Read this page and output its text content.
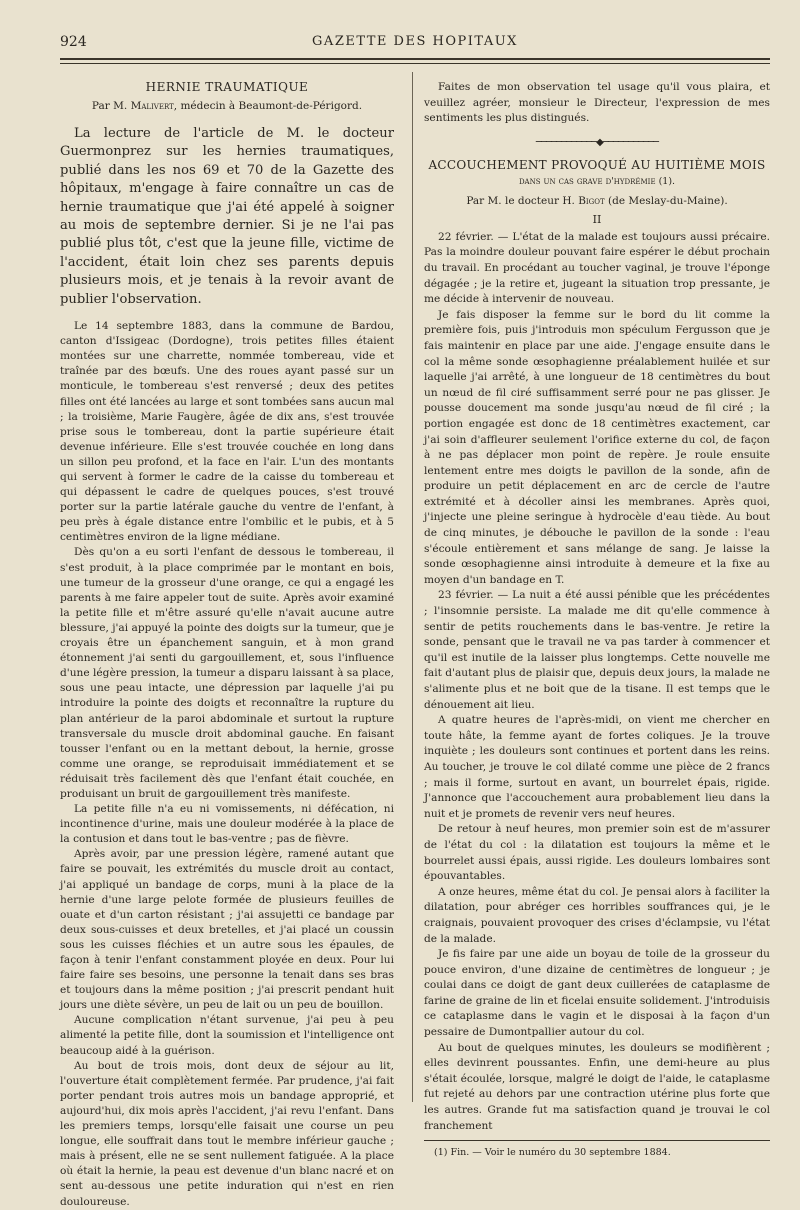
924	GAZETTE DES HOPITAUX
HERNIE TRAUMATIQUE
Par M. Malivert, médecin à Beaumont-de-Périgord.

La lecture de l'article de M. le docteur Guermonprez sur les hernies traumatiques, publié dans les nos 69 et 70 de la Gazette des hôpitaux, m'engage à faire connaître un cas de hernie traumatique que j'ai été appelé à soigner au mois de septembre dernier. Si je ne l'ai pas publié plus tôt, c'est que la jeune fille, victime de l'accident, était loin chez ses parents depuis plusieurs mois, et je tenais à la revoir avant de publier l'observation.

Le 14 septembre 1883, dans la commune de Bardou, canton d'Issigeac (Dordogne), trois petites filles étaient montées sur une charrette, nommée tombereau, vide et traînée par des bœufs. Une des roues ayant passé sur un monticule, le tombereau s'est renversé ; deux des petites filles ont été lancées au large et sont tombées sans aucun mal ; la troisième, Marie Faugère, âgée de dix ans, s'est trouvée prise sous le tombereau, dont la partie supérieure était devenue inférieure. Elle s'est trouvée couchée en long dans un sillon peu profond, et la face en l'air. L'un des montants qui servent à former le cadre de la caisse du tombereau et qui dépassent le cadre de quelques pouces, s'est trouvé porter sur la partie latérale gauche du ventre de l'enfant, à peu près à égale distance entre l'ombilic et le pubis, et à 5 centimètres environ de la ligne médiane.

Dès qu'on a eu sorti l'enfant de dessous le tombereau, il s'est produit, à la place comprimée par le montant en bois, une tumeur de la grosseur d'une orange, ce qui a engagé les parents à me faire appeler tout de suite. Après avoir examiné la petite fille et m'être assuré qu'elle n'avait aucune autre blessure, j'ai appuyé la pointe des doigts sur la tumeur, que je croyais être un épanchement sanguin, et à mon grand étonnement j'ai senti du gargouillement, et, sous l'influence d'une légère pression, la tumeur a disparu laissant à sa place, sous une peau intacte, une dépression par laquelle j'ai pu introduire la pointe des doigts et reconnaître la rupture du plan antérieur de la paroi abdominale et surtout la rupture transversale du muscle droit abdominal gauche. En faisant tousser l'enfant ou en la mettant debout, la hernie, grosse comme une orange, se reproduisait immédiatement et se réduisait très facilement dès que l'enfant était couchée, en produisant un bruit de gargouillement très manifeste.

La petite fille n'a eu ni vomissements, ni défécation, ni incontinence d'urine, mais une douleur modérée à la place de la contusion et dans tout le bas-ventre ; pas de fièvre.

Après avoir, par une pression légère, ramené autant que faire se pouvait, les extrémités du muscle droit au contact, j'ai appliqué un bandage de corps, muni à la place de la hernie d'une large pelote formée de plusieurs feuilles de ouate et d'un carton résistant ; j'ai assujetti ce bandage par deux sous-cuisses et deux bretelles, et j'ai placé un coussin sous les cuisses fléchies et un autre sous les épaules, de façon à tenir l'enfant constamment ployée en deux. Pour lui faire faire ses besoins, une personne la tenait dans ses bras et toujours dans la même position ; j'ai prescrit pendant huit jours une diète sévère, un peu de lait ou un peu de bouillon.

Aucune complication n'étant survenue, j'ai peu à peu alimenté la petite fille, dont la soumission et l'intelligence ont beaucoup aidé à la guérison.

Au bout de trois mois, dont deux de séjour au lit, l'ouverture était complètement fermée. Par prudence, j'ai fait porter pendant trois autres mois un bandage approprié, et aujourd'hui, dix mois après l'accident, j'ai revu l'enfant. Dans les premiers temps, lorsqu'elle faisait une course un peu longue, elle souffrait dans tout le membre inférieur gauche ; mais à présent, elle ne se sent nullement fatiguée. A la place où était la hernie, la peau est devenue d'un blanc nacré et on sent au-dessous une petite induration qui n'est en rien douloureuse.

Faites de mon observation tel usage qu'il vous plaira, et veuillez agréer, monsieur le Directeur, l'expression de mes sentiments les plus distingués.

────────────◆───────────
ACCOUCHEMENT PROVOQUÉ AU HUITIÈME MOIS
dans un cas grave d'hydrémie (1).
Par M. le docteur H. Bigot (de Meslay-du-Maine).
II

22 février. — L'état de la malade est toujours aussi précaire. Pas la moindre douleur pouvant faire espérer le début prochain du travail. En procédant au toucher vaginal, je trouve l'éponge dégagée ; je la retire et, jugeant la situation trop pressante, je me décide à intervenir de nouveau.

Je fais disposer la femme sur le bord du lit comme la première fois, puis j'introduis mon spéculum Fergusson que je fais maintenir en place par une aide. J'engage ensuite dans le col la même sonde œsophagienne préalablement huilée et sur laquelle j'ai arrêté, à une longueur de 18 centimètres du bout un nœud de fil ciré suffisamment serré pour ne pas glisser. Je pousse doucement ma sonde jusqu'au nœud de fil ciré ; la portion engagée est donc de 18 centimètres exactement, car j'ai soin d'affleurer seulement l'orifice externe du col, de façon à ne pas déplacer mon point de repère. Je roule ensuite lentement entre mes doigts le pavillon de la sonde, afin de produire un petit déplacement en arc de cercle de l'autre extrémité et à décoller ainsi les membranes. Après quoi, j'injecte une pleine seringue à hydrocèle d'eau tiède. Au bout de cinq minutes, je débouche le pavillon de la sonde : l'eau s'écoule entièrement et sans mélange de sang. Je laisse la sonde œsophagienne ainsi introduite à demeure et la fixe au moyen d'un bandage en T.

23 février. — La nuit a été aussi pénible que les précédentes ; l'insomnie persiste. La malade me dit qu'elle commence à sentir de petits rouchements dans le bas-ventre. Je retire la sonde, pensant que le travail ne va pas tarder à commencer et qu'il est inutile de la laisser plus longtemps. Cette nouvelle me fait d'autant plus de plaisir que, depuis deux jours, la malade ne s'alimente plus et ne boit que de la tisane. Il est temps que le dénouement ait lieu.

A quatre heures de l'après-midi, on vient me chercher en toute hâte, la femme ayant de fortes coliques. Je la trouve inquiète ; les douleurs sont continues et portent dans les reins. Au toucher, je trouve le col dilaté comme une pièce de 2 francs ; mais il forme, surtout en avant, un bourrelet épais, rigide. J'annonce que l'accouchement aura probablement lieu dans la nuit et je promets de revenir vers neuf heures.

De retour à neuf heures, mon premier soin est de m'assurer de l'état du col : la dilatation est toujours la même et le bourrelet aussi épais, aussi rigide. Les douleurs lombaires sont épouvantables.

A onze heures, même état du col. Je pensai alors à faciliter la dilatation, pour abréger ces horribles souffrances qui, je le craignais, pouvaient provoquer des crises d'éclampsie, vu l'état de la malade.

Je fis faire par une aide un boyau de toile de la grosseur du pouce environ, d'une dizaine de centimètres de longueur ; je coulai dans ce doigt de gant deux cuillerées de cataplasme de farine de graine de lin et ficelai ensuite solidement. J'introduisis ce cataplasme dans le vagin et le disposai à la façon d'un pessaire de Dumontpallier autour du col.

Au bout de quelques minutes, les douleurs se modifièrent ; elles devinrent poussantes. Enfin, une demi-heure au plus s'était écoulée, lorsque, malgré le doigt de l'aide, le cataplasme fut rejeté au dehors par une contraction utérine plus forte que les autres. Grande fut ma satisfaction quand je trouvai le col franchement

(1) Fin. — Voir le numéro du 30 septembre 1884.
